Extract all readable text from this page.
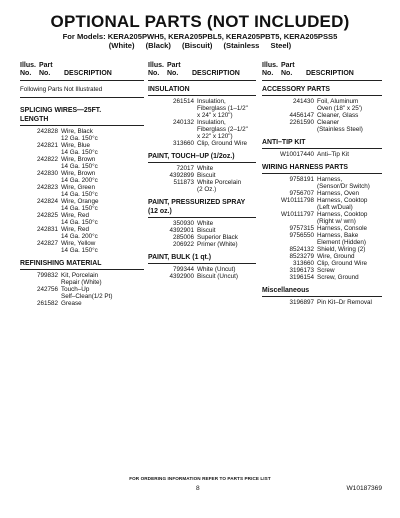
OPTIONAL PARTS (NOT INCLUDED)
For Models: KERA205PWH5, KERA205PBL5, KERA205PBT5, KERA205PSS5
(White) (Black) (Biscuit) (Stainless Steel)
Illus.
No.
Part
No. DESCRIPTION
Following Parts Not Illustrated
SPLICING WIRES—25FT.
LENGTH
242828 Wire, Black
12 Ga. 150°c
242821 Wire, Blue
14 Ga. 150°c
242822 Wire, Brown
14 Ga. 150°c
242830 Wire, Brown
14 Ga. 200°c
242823 Wire, Green
14 Ga. 150°c
242824 Wire, Orange
14 Ga. 150°c
242825 Wire, Red
14 Ga. 150°c
242831 Wire, Red
14 Ga. 200°c
242827 Wire, Yellow
14 Ga. 150°c
REFINISHING MATERIAL
799832 Kit, Porcelain
Repair (White)
242756 Touch–Up
Self–Clean(1/2 Pt)
261582 Grease
Illus.
No.
Part
No. DESCRIPTION
INSULATION
261514 Insulation,
Fiberglass (1–1/2"
x 24" x 120")
240132 Insulation,
Fiberglass (2–1/2"
x 22" x 120")
313660 Clip, Ground Wire
PAINT, TOUCH–UP (1/2oz.)
72017 White
4392899 Biscuit
511873 White Porcelain
(2 Oz.)
PAINT, PRESSURIZED SPRAY
(12 oz.)
350930 White
4392901 Biscuit
285006 Superior Black
206922 Primer (White)
PAINT, BULK (1 qt.)
799344 White (Uncut)
4392900 Biscuit (Uncut)
Illus.
No.
Part
No. DESCRIPTION
ACCESSORY PARTS
241430 Foil, Aluminum
Oven (18" x 25')
4456147 Cleaner, Glass
2261590 Cleaner
(Stainless Steel)
ANTI–TIP KIT
W10017440 Anti–Tip Kit
WIRING HARNESS PARTS
9758191 Harness,
(Sensor/Dr Switch)
9756707 Harness, Oven
W10111798 Harness, Cooktop
(Left w/Dual)
W10111797 Harness, Cooktop
(Right w/ wrn)
9757315 Harness, Console
9756550 Harness, Bake
Element (Hidden)
8524132 Shield, Wiring (2)
8523279 Wire, Ground
313660 Clip, Ground Wire
3196173 Screw
3196154 Screw, Ground
Miscellaneous
3196897 Pin Kit–Dr Removal
FOR ORDERING INFORMATION REFER TO PARTS PRICE LIST
8	W10187369
